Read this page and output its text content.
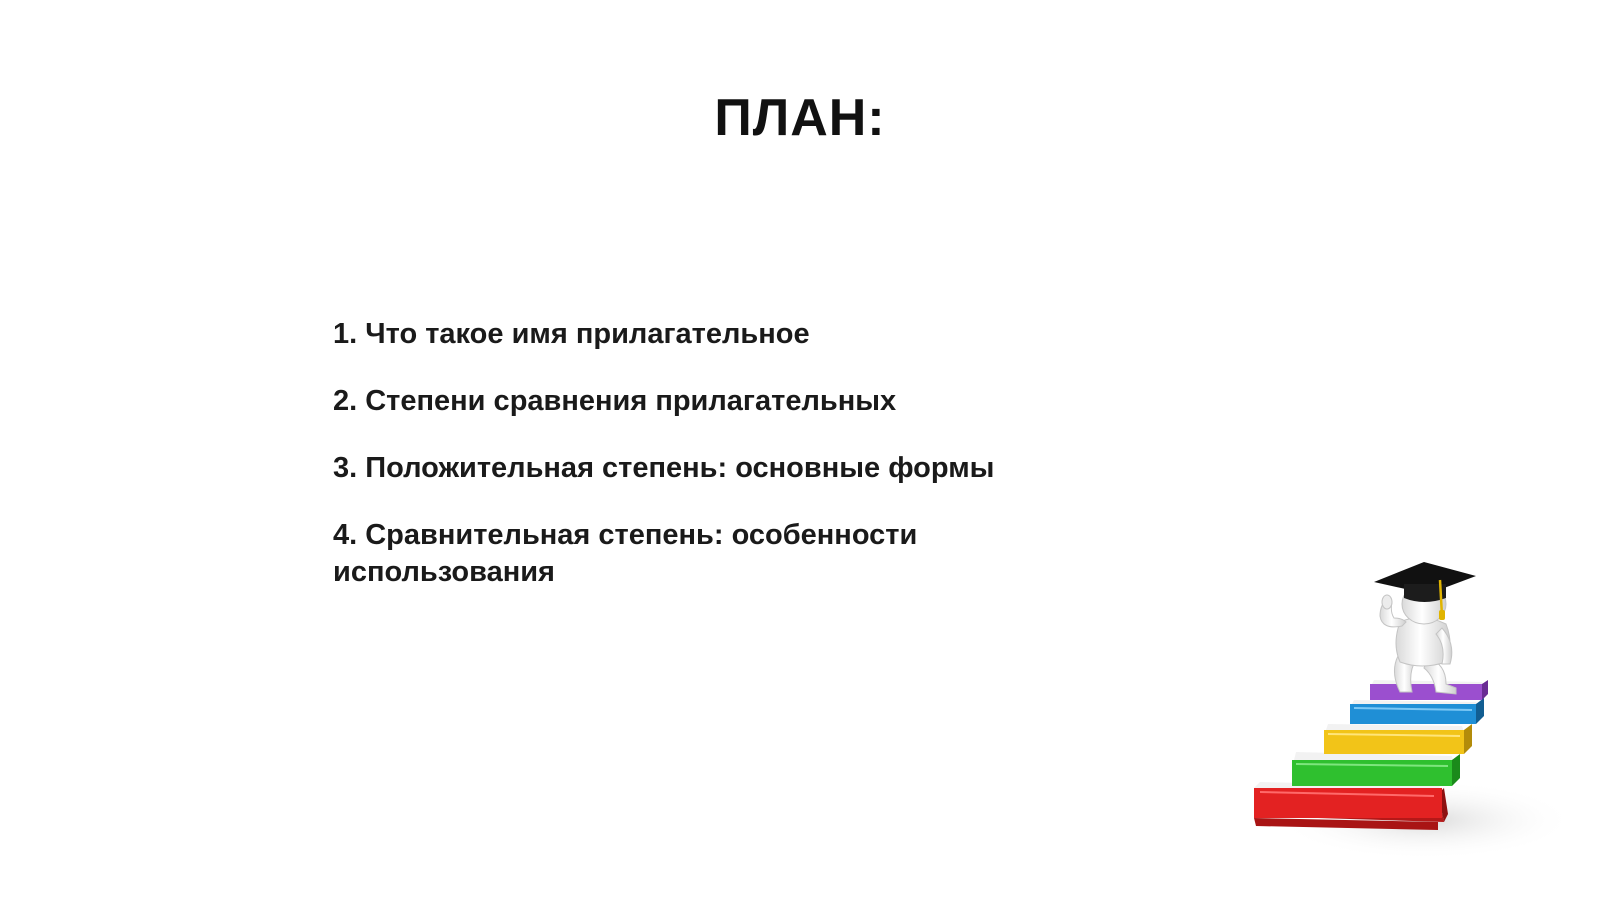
ПЛАН:
1. Что такое имя прилагательное
2. Степени сравнения прилагательных
3. Положительная степень: основные формы
4. Сравнительная степень: особенности использования
